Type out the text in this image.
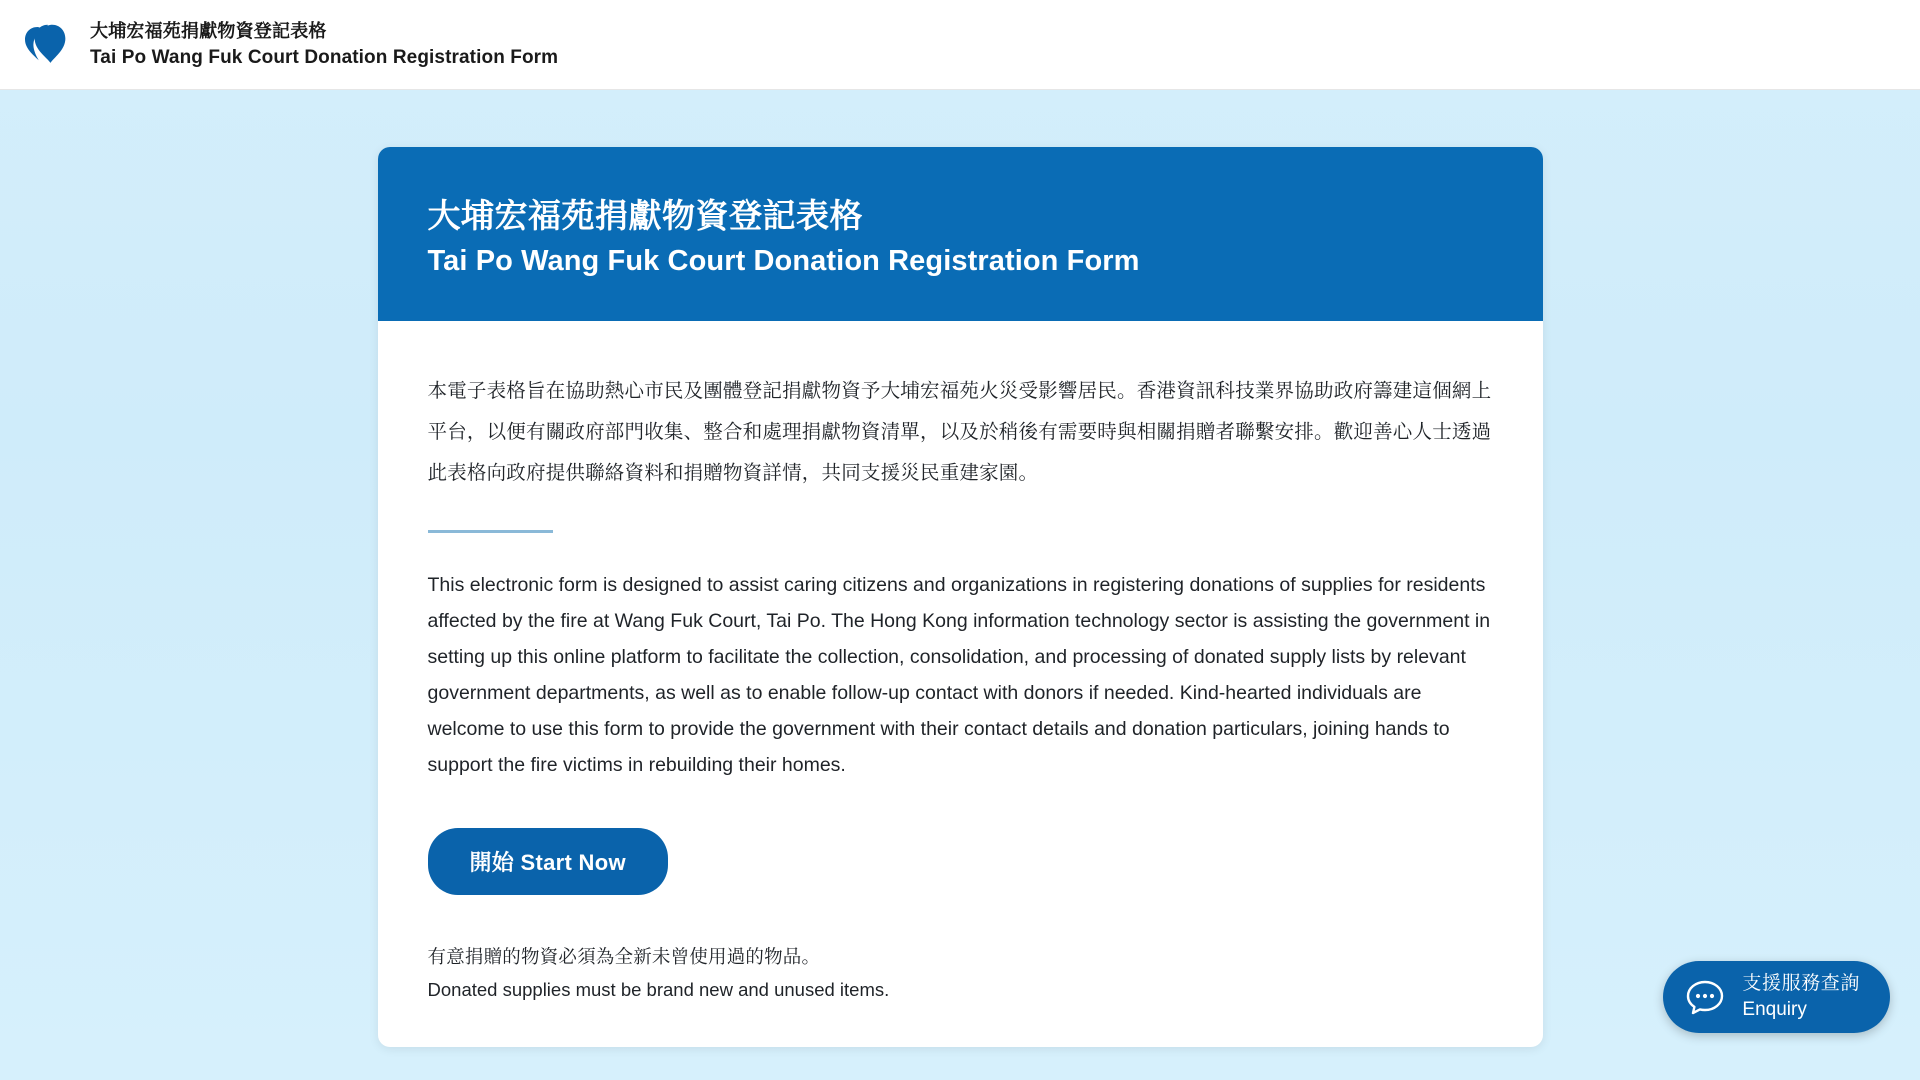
大埔宏福苑捐獻物資登記表格
Tai Po Wang Fuk Court Donation Registration Form
大埔宏福苑捐獻物資登記表格
Tai Po Wang Fuk Court Donation Registration Form
本電子表格旨在協助熱心市民及團體登記捐獻物資予大埔宏福苑火災受影響居民。香港資訊科技業界協助政府籌建這個網上平台，以便有關政府部門收集、整合和處理捐獻物資清單，以及於稍後有需要時與相關捐贈者聯繫安排。歡迎善心人士透過此表格向政府提供聯絡資料和捐贈物資詳情，共同支援災民重建家園。
This electronic form is designed to assist caring citizens and organizations in registering donations of supplies for residents affected by the fire at Wang Fuk Court, Tai Po. The Hong Kong information technology sector is assisting the government in setting up this online platform to facilitate the collection, consolidation, and processing of donated supply lists by relevant government departments, as well as to enable follow-up contact with donors if needed. Kind-hearted individuals are welcome to use this form to provide the government with their contact details and donation particulars, joining hands to support the fire victims in rebuilding their homes.
開始 Start Now
有意捐贈的物資必須為全新未曾使用過的物品。
Donated supplies must be brand new and unused items.	支援服務查詢
Enquiry
